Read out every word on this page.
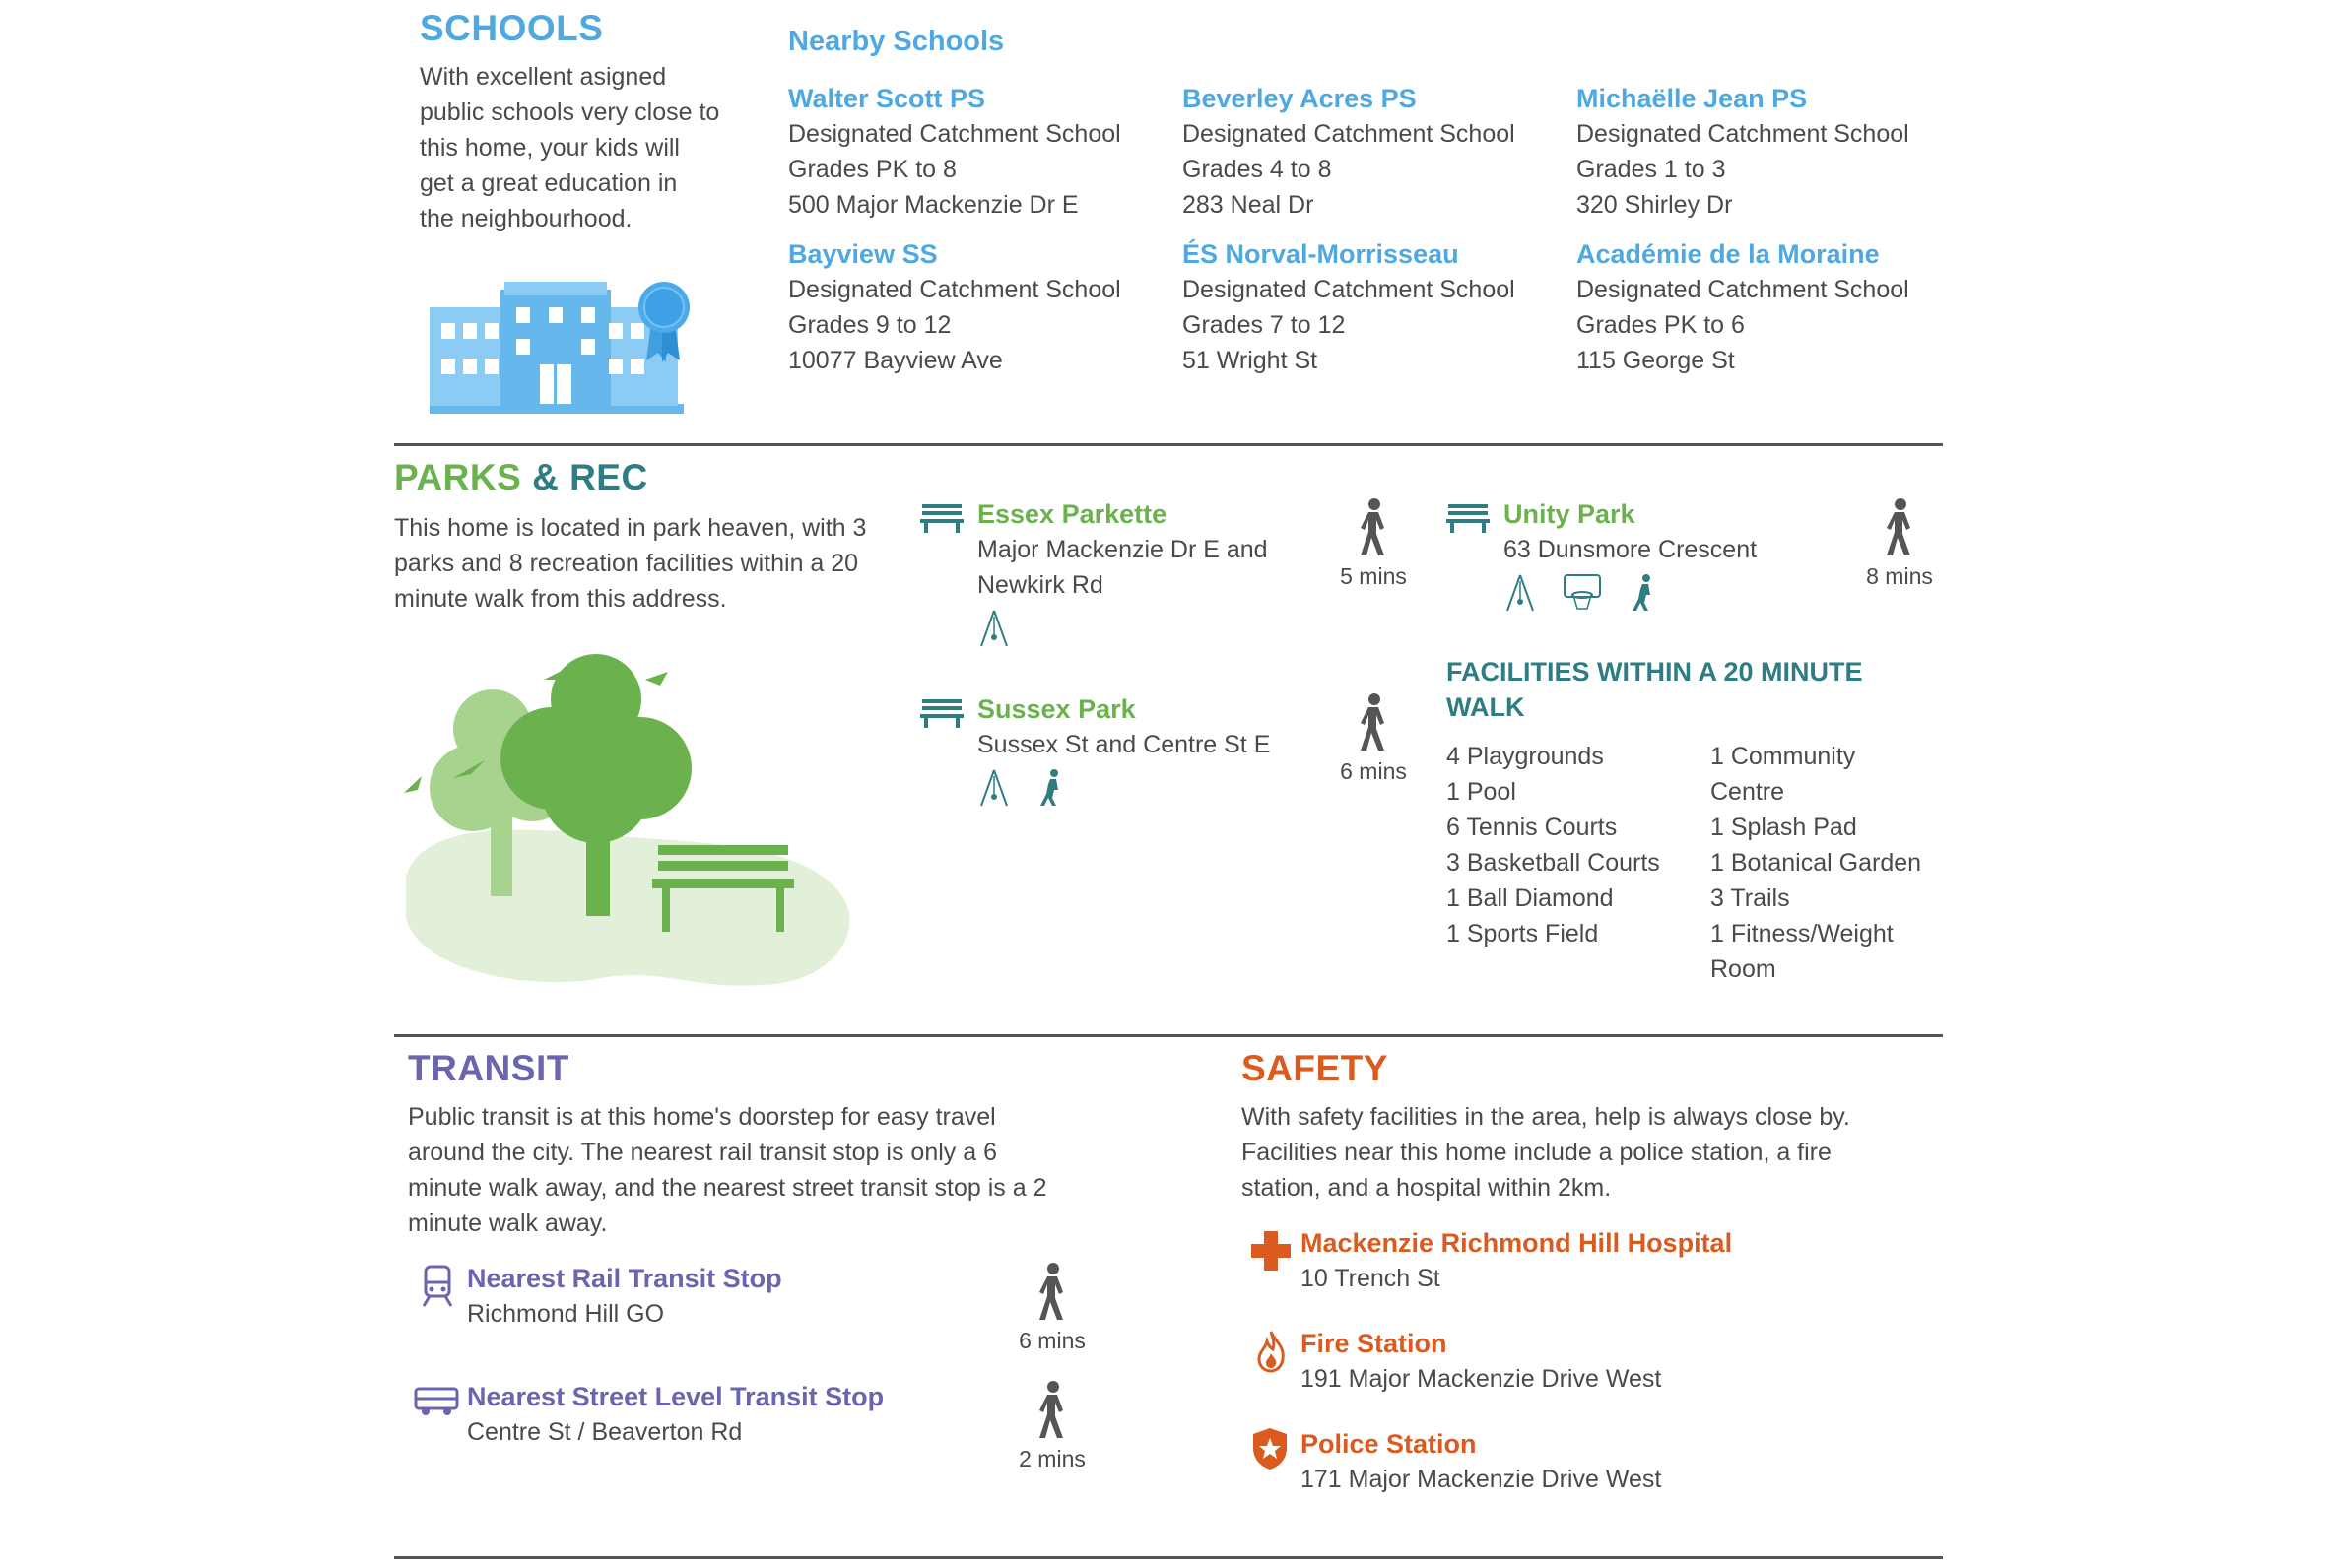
SCHOOLS
With excellent asigned
public schools very close to
this home, your kids will
get a great education in
the neighbourhood.
Nearby Schools
Walter Scott PS
Designated Catchment School
Grades PK to 8
500 Major Mackenzie Dr E
Beverley Acres PS
Designated Catchment School
Grades 4 to 8
283 Neal Dr
Michaëlle Jean PS
Designated Catchment School
Grades 1 to 3
320 Shirley Dr
Bayview SS
Designated Catchment School
Grades 9 to 12
10077 Bayview Ave
ÉS Norval-Morrisseau
Designated Catchment School
Grades 7 to 12
51 Wright St
Académie de la Moraine
Designated Catchment School
Grades PK to 6
115 George St
PARKS & REC
This home is located in park heaven, with 3
parks and 8 recreation facilities within a 20
minute walk from this address.
Essex Parkette
Major Mackenzie Dr E and
Newkirk Rd	5 mins
Unity Park
63 Dunsmore Crescent

8 mins
Sussex Park
Sussex St and Centre St E

6 mins
FACILITIES WITHIN A 20 MINUTE
WALK
4 Playgrounds
1 Pool
6 Tennis Courts
3 Basketball Courts
1 Ball Diamond
1 Sports Field
1 Community
Centre
1 Splash Pad
1 Botanical Garden
3 Trails
1 Fitness/Weight
Room
TRANSIT
Public transit is at this home's doorstep for easy travel
around the city. The nearest rail transit stop is only a 6
minute walk away, and the nearest street transit stop is a 2
minute walk away.
Nearest Rail Transit Stop
Richmond Hill GO
6 mins
Nearest Street Level Transit Stop
Centre St / Beaverton Rd
2 mins
SAFETY
With safety facilities in the area, help is always close by.
Facilities near this home include a police station, a fire
station, and a hospital within 2km.
Mackenzie Richmond Hill Hospital
10 Trench St
Fire Station
191 Major Mackenzie Drive West
Police Station
171 Major Mackenzie Drive West
